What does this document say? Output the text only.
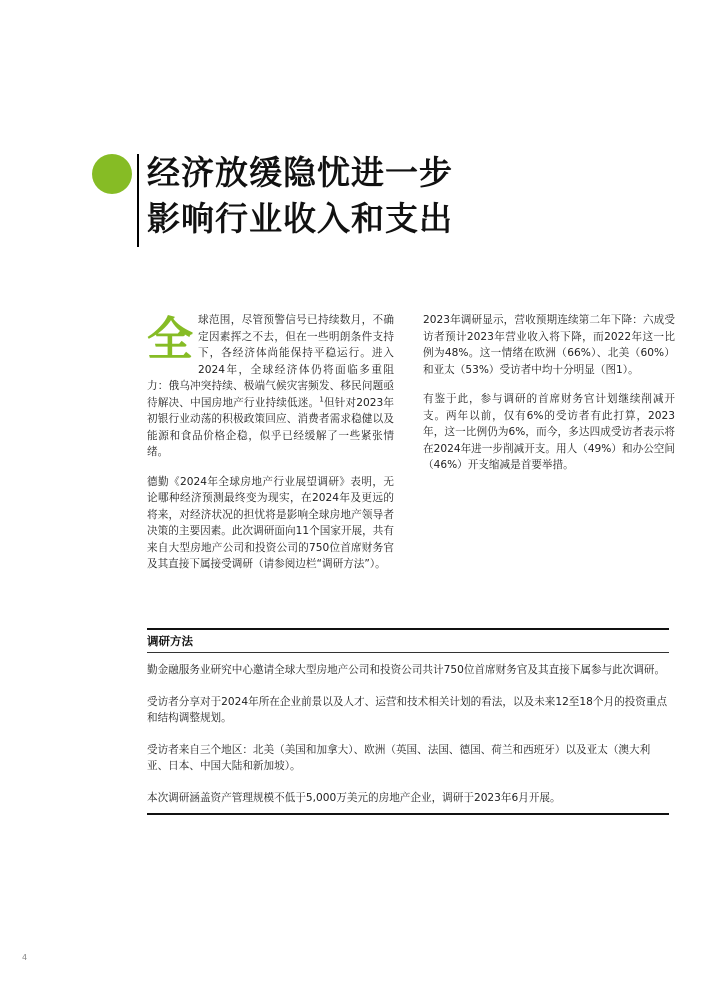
经济放缓隐忧进一步
影响行业收入和支出

全球范围，尽管预警信号已持续数月，不确定因素挥之不去，但在一些明朗条件支持下，各经济体尚能保持平稳运行。进入2024年，全球经济体仍将面临多重阻力：俄乌冲突持续、极端气候灾害频发、移民问题亟待解决、中国房地产行业持续低迷。$^1$但针对2023年初银行业动荡的积极政策回应、消费者需求稳健以及能源和食品价格企稳，似乎已经缓解了一些紧张情绪。

德勤《2024年全球房地产行业展望调研》表明，无论哪种经济预测最终变为现实，在2024年及更远的将来，对经济状况的担忧将是影响全球房地产领导者决策的主要因素。此次调研面向11个国家开展，共有来自大型房地产公司和投资公司的750位首席财务官及其直接下属接受调研（请参阅边栏“调研方法”）。

2023年调研显示，营收预期连续第二年下降：六成受访者预计2023年营业收入将下降，而2022年这一比例为48%。这一情绪在欧洲（66%）、北美（60%）和亚太（53%）受访者中均十分明显（图1）。

有鉴于此，参与调研的首席财务官计划继续削减开支。两年以前，仅有6%的受访者有此打算，2023年，这一比例仍为6%，而今，多达四成受访者表示将在2024年进一步削减开支。用人（49%）和办公空间（46%）开支缩减是首要举措。

调研方法

勤金融服务业研究中心邀请全球大型房地产公司和投资公司共计750位首席财务官及其直接下属参与此次调研。

受访者分享对于2024年所在企业前景以及人才、运营和技术相关计划的看法，以及未来12至18个月的投资重点和结构调整规划。

受访者来自三个地区：北美（美国和加拿大）、欧洲（英国、法国、德国、荷兰和西班牙）以及亚太（澳大利亚、日本、中国大陆和新加坡）。

本次调研涵盖资产管理规模不低于5,000万美元的房地产企业，调研于2023年6月开展。

4
